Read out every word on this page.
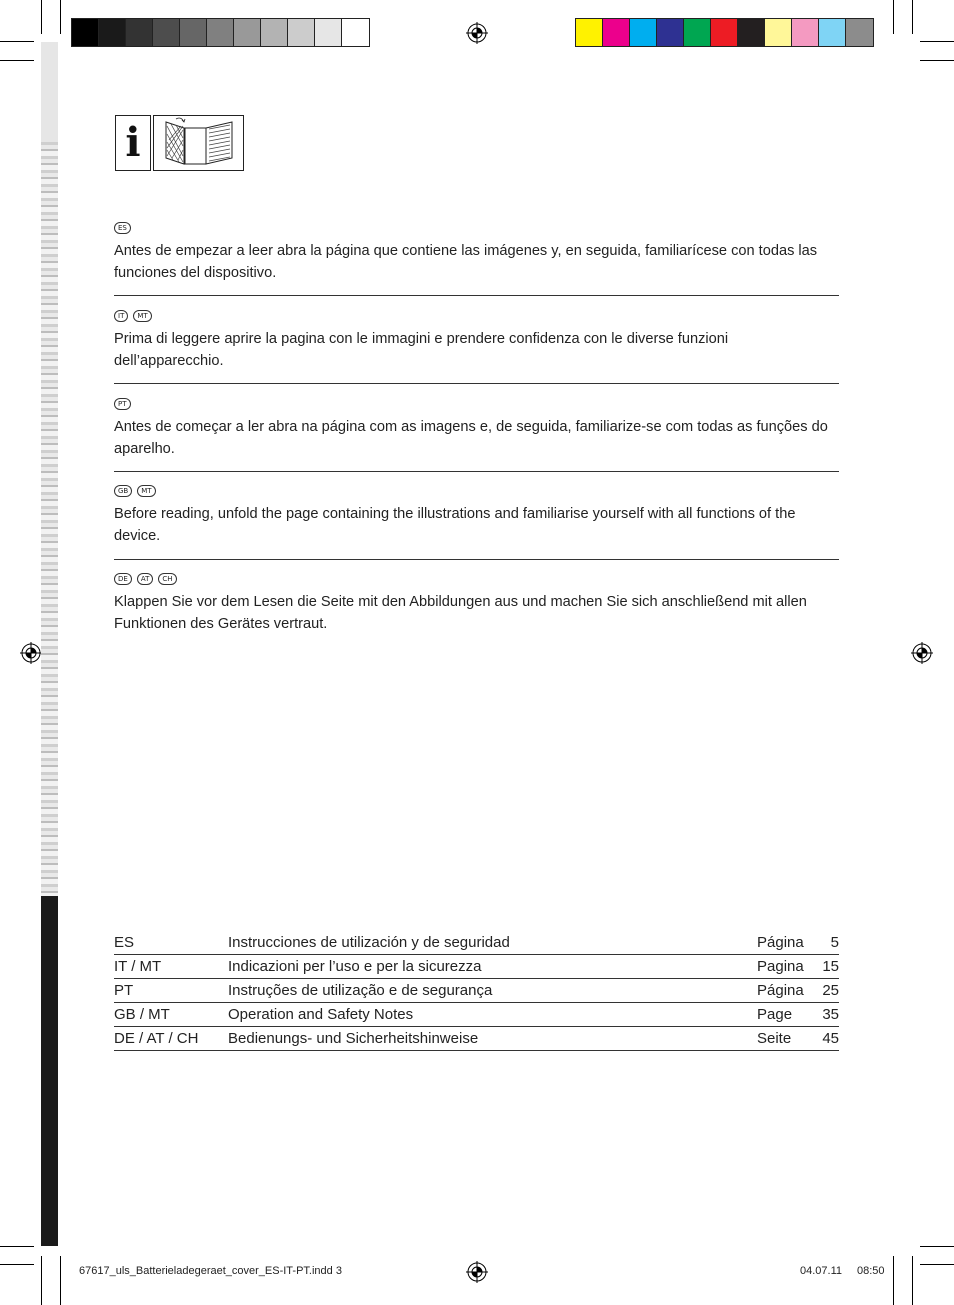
i
ES

Antes de empezar a leer abra la página que contiene las imágenes y, en seguida, familiarícese con todas las funciones del dispositivo.

IT	MT

Prima di leggere aprire la pagina con le immagini e prendere confidenza con le diverse funzioni dell’apparecchio.

PT

Antes de começar a ler abra na página com as imagens e, de seguida, familiarize-se com todas as funções do aparelho.

GB	MT

Before reading, unfold the page containing the illustrations and familiarise yourself with all functions of the device.

DE	AT	CH

Klappen Sie vor dem Lesen die Seite mit den Abbildungen aus und machen Sie sich anschließend mit allen Funktionen des Gerätes vertraut.

ES	Instrucciones de utilización y de seguridad	Página	5
IT / MT	Indicazioni per l’uso e per la sicurezza	Pagina	15
PT	Instruções de utilização e de segurança	Página	25
GB / MT	Operation and Safety Notes	Page	35
DE / AT / CH	Bedienungs- und Sicherheitshinweise	Seite	45
67617_uls_Batterieladegeraet_cover_ES-IT-PT.indd 3	04.07.11 08:50
